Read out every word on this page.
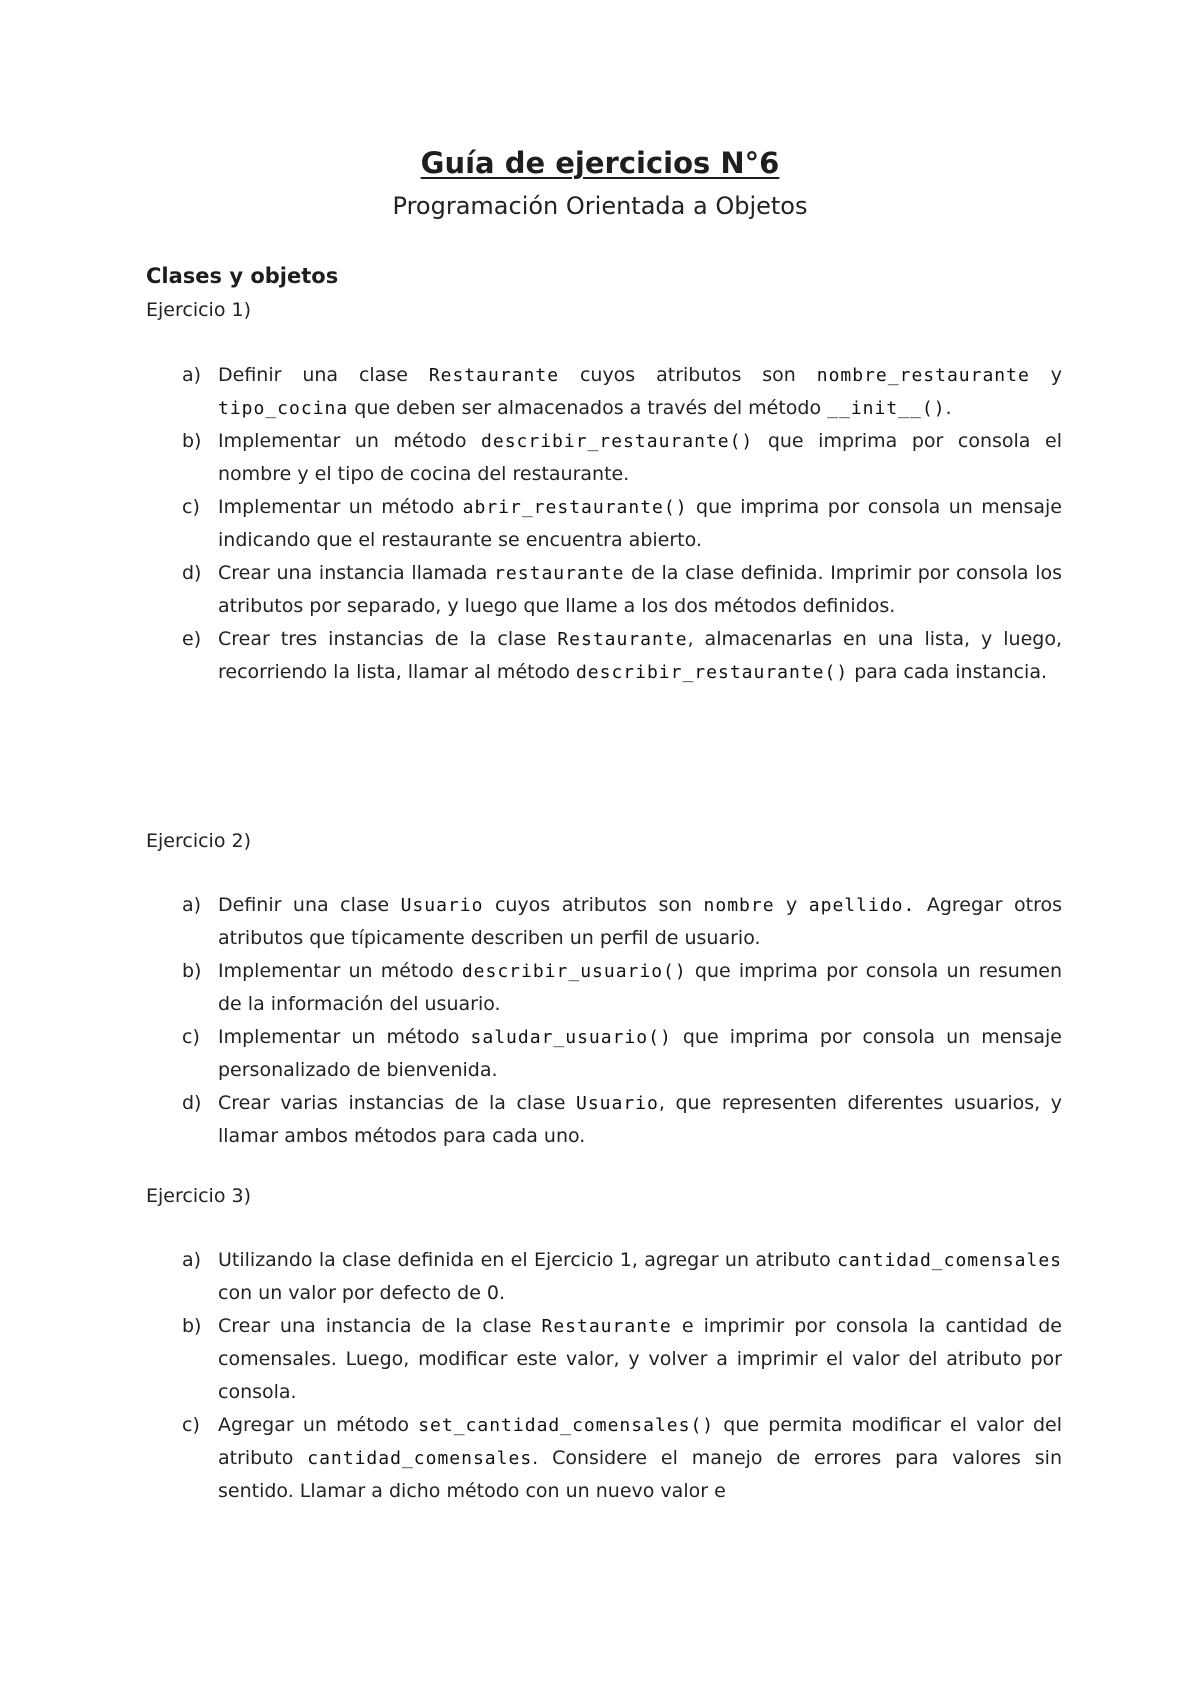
Guía de ejercicios N°6
Programación Orientada a Objetos
Clases y objetos
Ejercicio 1)
a) Definir una clase Restaurante cuyos atributos son nombre_restaurante y tipo_cocina que deben ser almacenados a través del método __init__().
b) Implementar un método describir_restaurante() que imprima por consola el nombre y el tipo de cocina del restaurante.
c) Implementar un método abrir_restaurante() que imprima por consola un mensaje indicando que el restaurante se encuentra abierto.
d) Crear una instancia llamada restaurante de la clase definida. Imprimir por consola los atributos por separado, y luego que llame a los dos métodos definidos.
e) Crear tres instancias de la clase Restaurante, almacenarlas en una lista, y luego, recorriendo la lista, llamar al método describir_restaurante() para cada instancia.
Ejercicio 2)
a) Definir una clase Usuario cuyos atributos son nombre y apellido. Agregar otros atributos que típicamente describen un perfil de usuario.
b) Implementar un método describir_usuario() que imprima por consola un resumen de la información del usuario.
c) Implementar un método saludar_usuario() que imprima por consola un mensaje personalizado de bienvenida.
d) Crear varias instancias de la clase Usuario, que representen diferentes usuarios, y llamar ambos métodos para cada uno.
Ejercicio 3)
a) Utilizando la clase definida en el Ejercicio 1, agregar un atributo cantidad_comensales con un valor por defecto de 0.
b) Crear una instancia de la clase Restaurante e imprimir por consola la cantidad de comensales. Luego, modificar este valor, y volver a imprimir el valor del atributo por consola.
c) Agregar un método set_cantidad_comensales() que permita modificar el valor del atributo cantidad_comensales. Considere el manejo de errores para valores sin sentido. Llamar a dicho método con un nuevo valor e
